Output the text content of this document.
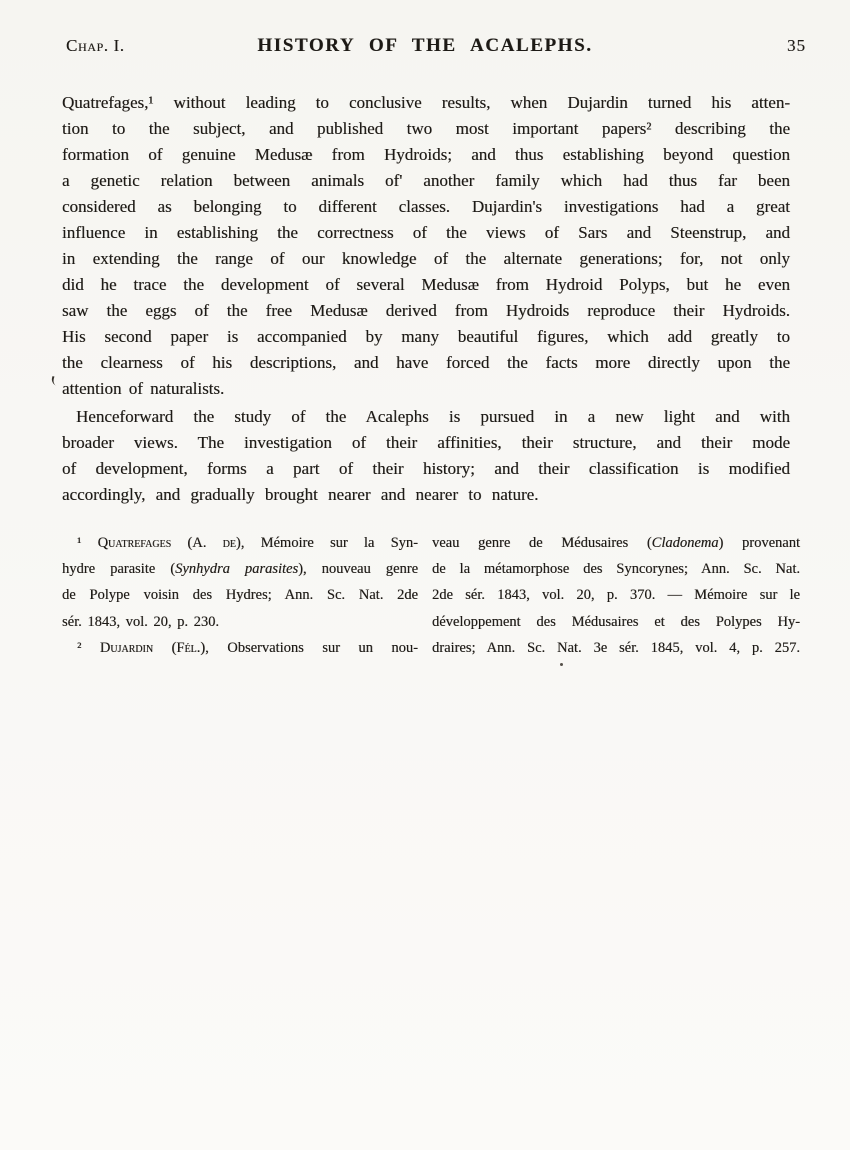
Chap. I.	HISTORY OF THE ACALEPHS.	35
Quatrefages,¹ without leading to conclusive results, when Dujardin turned his atten-
tion to the subject, and published two most important papers² describing the
formation of genuine Medusæ from Hydroids; and thus establishing beyond question
a genetic relation between animals of' another family which had thus far been
considered as belonging to different classes. Dujardin's investigations had a great
influence in establishing the correctness of the views of Sars and Steenstrup, and
in extending the range of our knowledge of the alternate generations; for, not only
did he trace the development of several Medusæ from Hydroid Polyps, but he even
saw the eggs of the free Medusæ derived from Hydroids reproduce their Hydroids.
His second paper is accompanied by many beautiful figures, which add greatly to
the clearness of his descriptions, and have forced the facts more directly upon the
attention of naturalists.
Henceforward the study of the Acalephs is pursued in a new light and with
broader views. The investigation of their affinities, their structure, and their mode
of development, forms a part of their history; and their classification is modified
accordingly, and gradually brought nearer and nearer to nature.
¹ Quatrefages (A. de), Mémoire sur la Syn-
hydre parasite (Synhydra parasites), nouveau genre
de Polype voisin des Hydres; Ann. Sc. Nat. 2de
sér. 1843, vol. 20, p. 230.
² Dujardin (Fél.), Observations sur un nou-
veau genre de Médusaires (Cladonema) provenant
de la métamorphose des Syncorynes; Ann. Sc. Nat.
2de sér. 1843, vol. 20, p. 370. — Mémoire sur le
développement des Médusaires et des Polypes Hy-
draires; Ann. Sc. Nat. 3e sér. 1845, vol. 4, p. 257.
